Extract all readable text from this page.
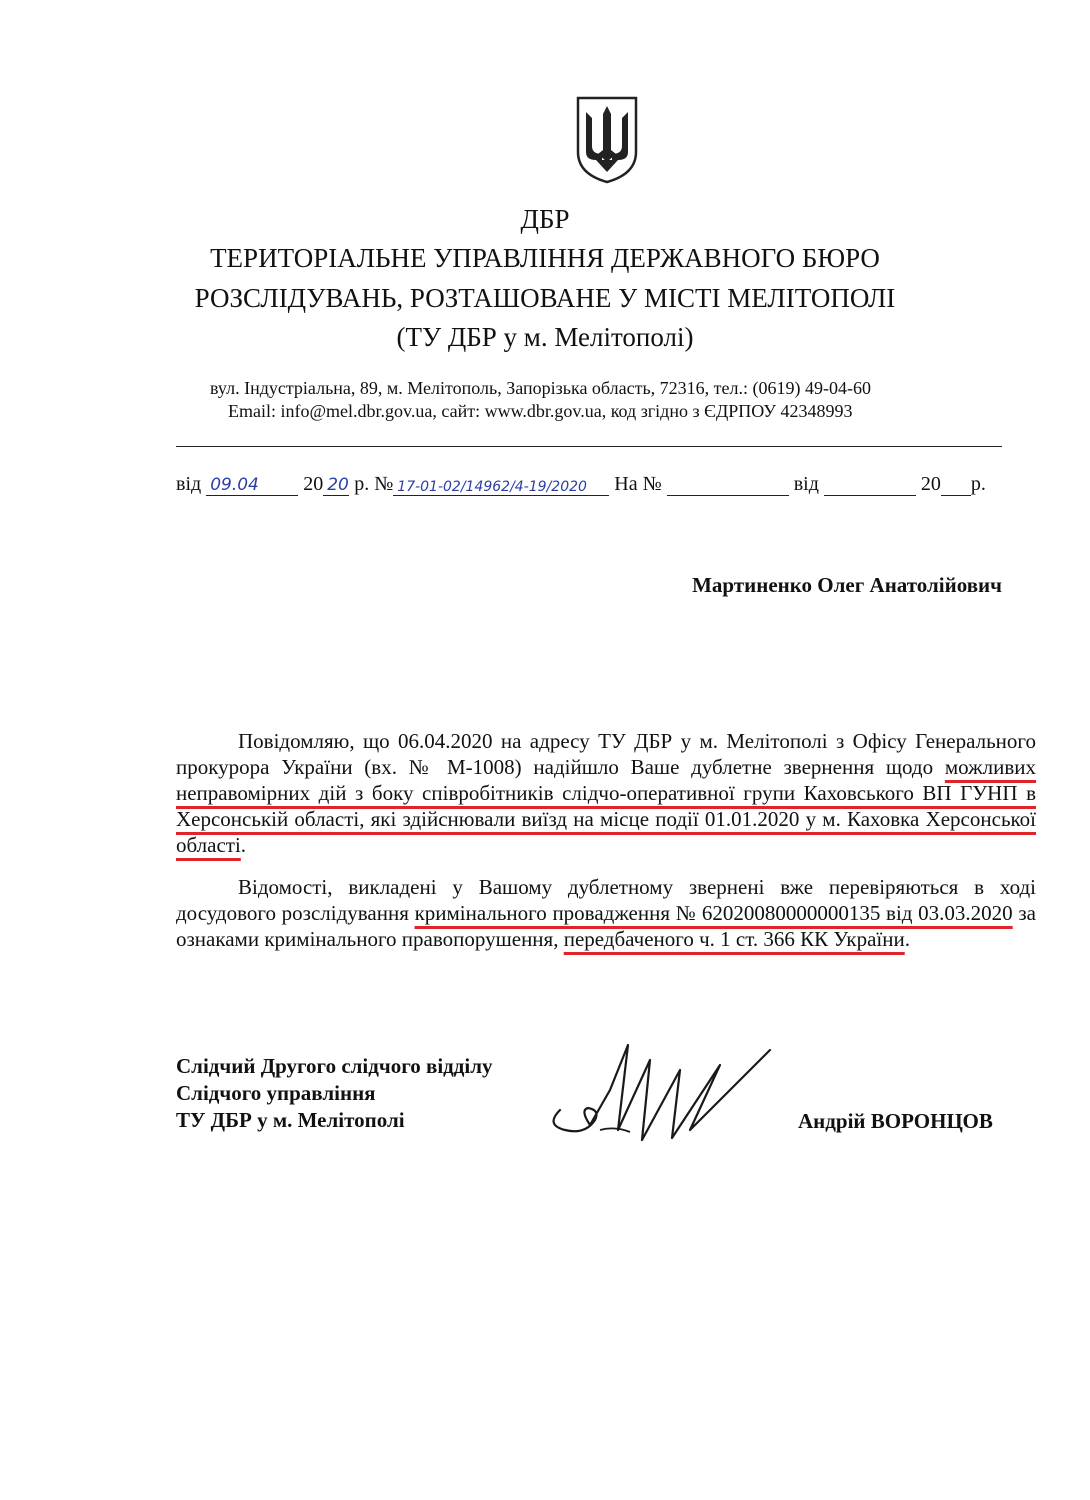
ДБР
ТЕРИТОРІАЛЬНЕ УПРАВЛІННЯ ДЕРЖАВНОГО БЮРО
РОЗСЛІДУВАНЬ, РОЗТАШОВАНЕ У МІСТІ МЕЛІТОПОЛІ
(ТУ ДБР у м. Мелітополі)
вул. Індустріальна, 89, м. Мелітополь, Запорізька область, 72316, тел.: (0619) 49-04-60
Email: info@mel.dbr.gov.ua, сайт: www.dbr.gov.ua, код згідно з ЄДРПОУ 42348993
від 09.04 20 20 р. № 17-01-02/14962/4-19/2020 На №	від	20 р.
Мартиненко Олег Анатолійович
Повідомляю, що 06.04.2020 на адресу ТУ ДБР у м. Мелітополі з Офісу Генерального прокурора України (вх. № М-1008) надійшло Ваше дублетне звернення щодо можливих неправомірних дій з боку співробітників слідчо-оперативної групи Каховського ВП ГУНП в Херсонській області, які здійснювали виїзд на місце події 01.01.2020 у м. Каховка Херсонської області.
Відомості, викладені у Вашому дублетному звернені вже перевіряються в ході досудового розслідування кримінального провадження № 62020080000000135 від 03.03.2020 за ознаками кримінального правопорушення, передбаченого ч. 1 ст. 366 КК України.
Слідчий Другого слідчого відділу
Слідчого управління
ТУ ДБР у м. Мелітополі	Андрій ВОРОНЦОВ
